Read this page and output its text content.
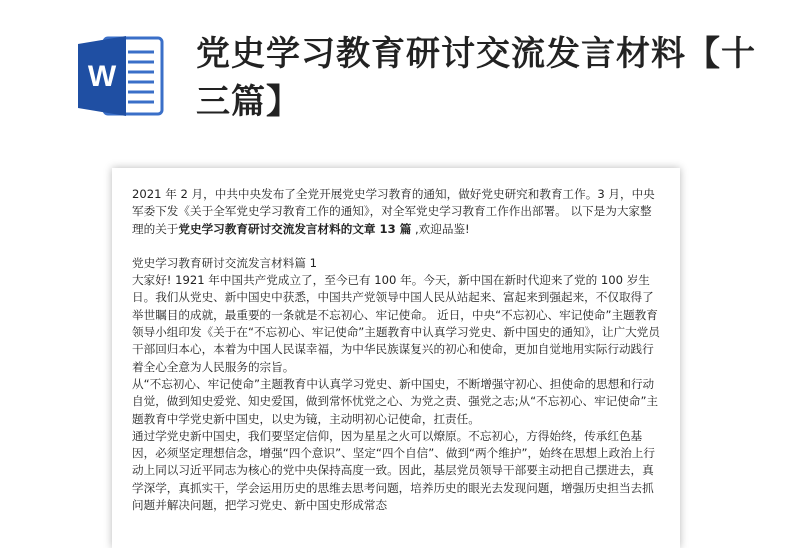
W
党史学习教育研讨交流发言材料【十三篇】

2021 年 2 月，中共中央发布了全党开展党史学习教育的通知，做好党史研究和教育工作。3 月，中央军委下发《关于全军党史学习教育工作的通知》，对全军党史学习教育工作作出部署。 以下是为大家整理的关于党史学习教育研讨交流发言材料的文章 13 篇 ,欢迎品鉴!

党史学习教育研讨交流发言材料篇 1

大家好! 1921 年中国共产党成立了，至今已有 100 年。今天，新中国在新时代迎来了党的 100 岁生日。我们从党史、新中国史中获悉，中国共产党领导中国人民从站起来、富起来到强起来，不仅取得了举世瞩目的成就，最重要的一条就是不忘初心、牢记使命。 近日，中央“不忘初心、牢记使命”主题教育领导小组印发《关于在“不忘初心、牢记使命”主题教育中认真学习党史、新中国史的通知》，让广大党员干部回归本心，本着为中国人民谋幸福，为中华民族谋复兴的初心和使命，更加自觉地用实际行动践行着全心全意为人民服务的宗旨。

从“不忘初心、牢记使命”主题教育中认真学习党史、新中国史，不断增强守初心、担使命的思想和行动自觉，做到知史爱党、知史爱国，做到常怀忧党之心、为党之责、强党之志;从“不忘初心、牢记使命”主题教育中学党史新中国史，以史为镜，主动明初心记使命，扛责任。

通过学党史新中国史，我们要坚定信仰，因为星星之火可以燎原。不忘初心，方得始终，传承红色基因，必须坚定理想信念，增强“四个意识”、坚定“四个自信”、做到“两个维护”，始终在思想上政治上行动上同以习近平同志为核心的党中央保持高度一致。因此，基层党员领导干部要主动把自己摆进去，真学深学，真抓实干，学会运用历史的思维去思考问题，培养历史的眼光去发现问题，增强历史担当去抓问题并解决问题，把学习党史、新中国史形成常态
